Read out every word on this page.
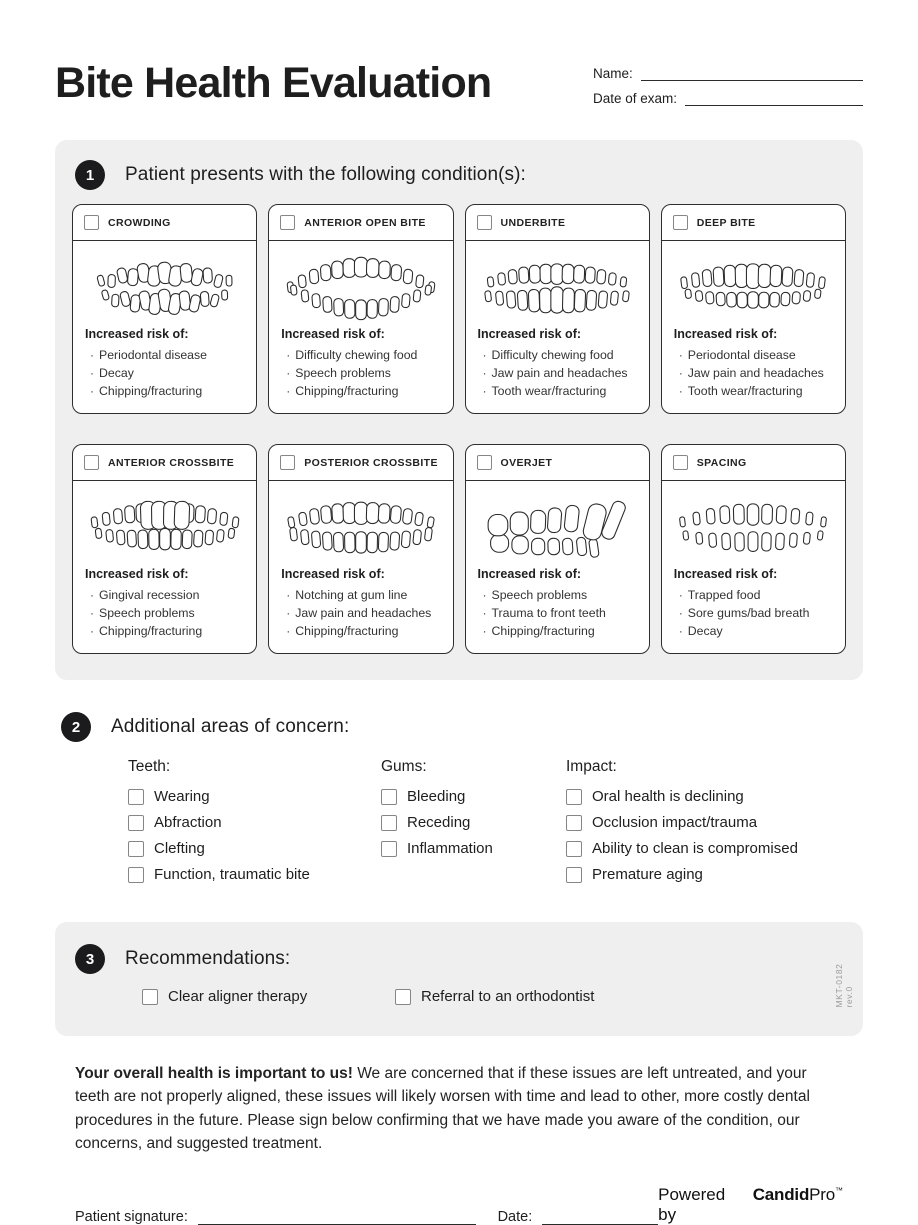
Bite Health Evaluation	Name:
Date of exam:
1	Patient presents with the following condition(s):
CROWDING
Increased risk of:
· Periodontal disease
· Decay
· Chipping/fracturing
ANTERIOR OPEN BITE
Increased risk of:
· Difficulty chewing food
· Speech problems
· Chipping/fracturing
UNDERBITE
Increased risk of:
· Difficulty chewing food
· Jaw pain and headaches
· Tooth wear/fracturing
DEEP BITE
Increased risk of:
· Periodontal disease
· Jaw pain and headaches
· Tooth wear/fracturing
ANTERIOR CROSSBITE
Increased risk of:
· Gingival recession
· Speech problems
· Chipping/fracturing
POSTERIOR CROSSBITE
Increased risk of:
· Notching at gum line
· Jaw pain and headaches
· Chipping/fracturing
OVERJET
Increased risk of:
· Speech problems
· Trauma to front teeth
· Chipping/fracturing
SPACING
Increased risk of:
· Trapped food
· Sore gums/bad breath
· Decay
2	Additional areas of concern:
Teeth:
Wearing
Abfraction
Clefting
Function, traumatic bite
Gums:
Bleeding
Receding
Inflammation
Impact:
Oral health is declining
Occlusion impact/trauma
Ability to clean is compromised
Premature aging
3	Recommendations:
Clear aligner therapy	Referral to an orthodontist	MKT-0182 rev.0

Your overall health is important to us! We are concerned that if these issues are left untreated, and your teeth are not properly aligned, these issues will likely worsen with time and lead to other, more costly dental procedures in the future. Please sign below confirming that we have made you aware of the condition, our concerns, and suggested treatment.

Patient signature:	Date:
Powered by
Candid Pro ™
